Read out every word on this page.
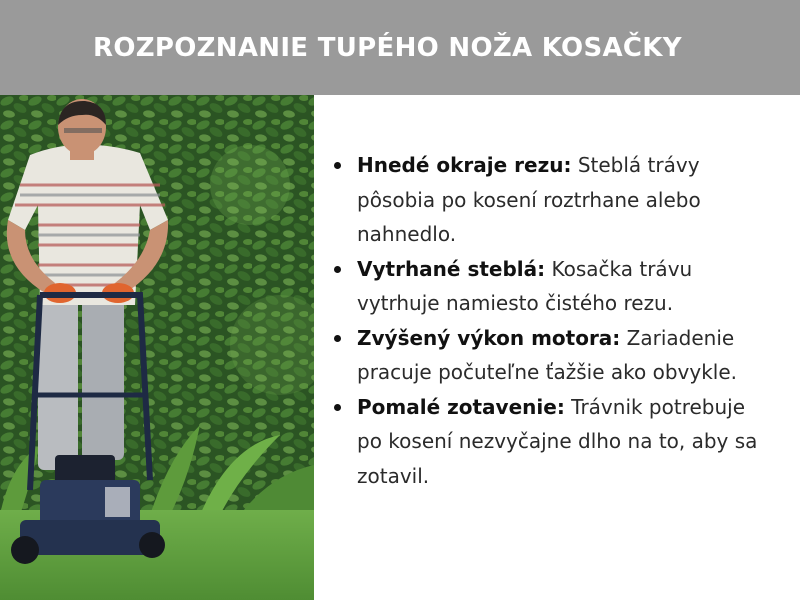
ROZPOZNANIE TUPÉHO NOŽA KOSAČKY
Hnedé okraje rezu: Steblá trávy pôsobia po kosení roztrhane alebo nahnedlo.
Vytrhané steblá: Kosačka trávu vytrhuje namiesto čistého rezu.
Zvýšený výkon motora: Zariadenie pracuje počuteľne ťažšie ako obvykle.
Pomalé zotavenie: Trávnik potrebuje po kosení nezvyčajne dlho na to, aby sa zotavil.
